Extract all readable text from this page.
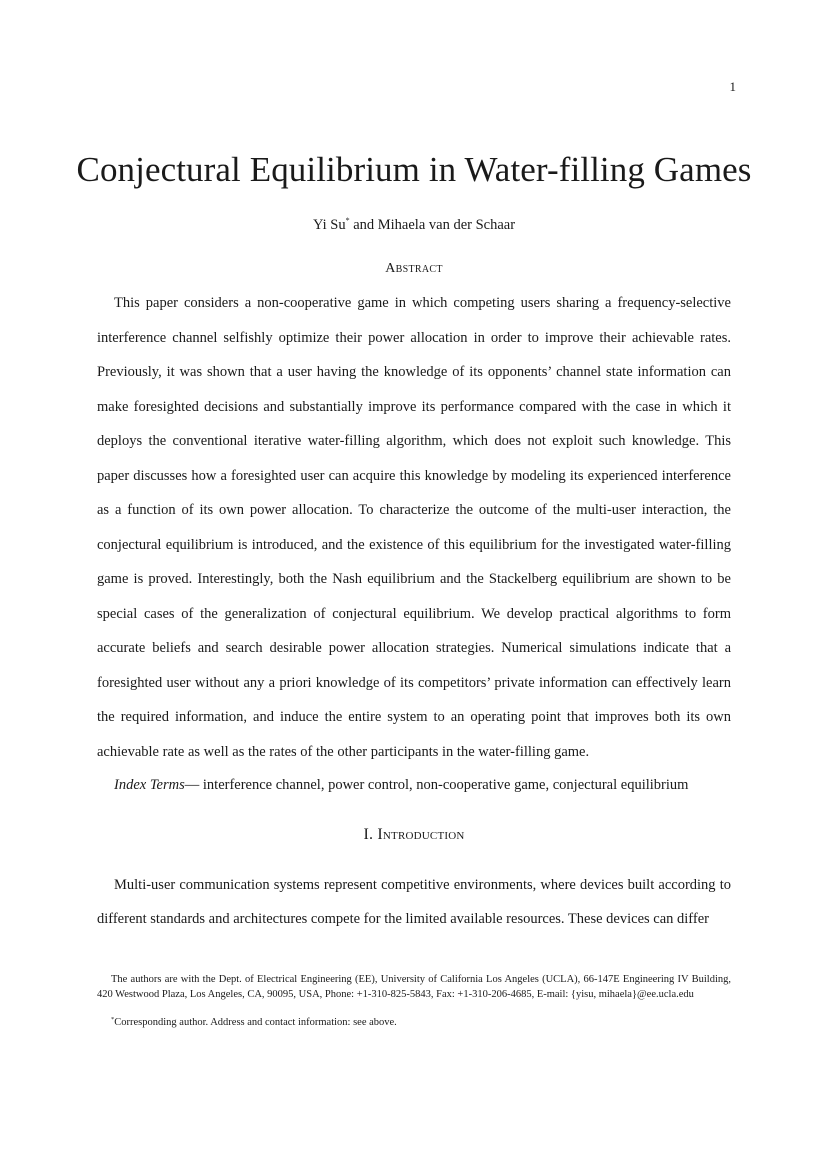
1
Conjectural Equilibrium in Water-filling Games
Yi Su* and Mihaela van der Schaar
Abstract

This paper considers a non-cooperative game in which competing users sharing a frequency-selective interference channel selfishly optimize their power allocation in order to improve their achievable rates. Previously, it was shown that a user having the knowledge of its opponents’ channel state information can make foresighted decisions and substantially improve its performance compared with the case in which it deploys the conventional iterative water-filling algorithm, which does not exploit such knowledge. This paper discusses how a foresighted user can acquire this knowledge by modeling its experienced interference as a function of its own power allocation. To characterize the outcome of the multi-user interaction, the conjectural equilibrium is introduced, and the existence of this equilibrium for the investigated water-filling game is proved. Interestingly, both the Nash equilibrium and the Stackelberg equilibrium are shown to be special cases of the generalization of conjectural equilibrium. We develop practical algorithms to form accurate beliefs and search desirable power allocation strategies. Numerical simulations indicate that a foresighted user without any a priori knowledge of its competitors’ private information can effectively learn the required information, and induce the entire system to an operating point that improves both its own achievable rate as well as the rates of the other participants in the water-filling game.

Index Terms— interference channel, power control, non-cooperative game, conjectural equilibrium

I. Introduction

Multi-user communication systems represent competitive environments, where devices built according to different standards and architectures compete for the limited available resources. These devices can differ

The authors are with the Dept. of Electrical Engineering (EE), University of California Los Angeles (UCLA), 66-147E Engineering IV Building, 420 Westwood Plaza, Los Angeles, CA, 90095, USA, Phone: +1-310-825-5843, Fax: +1-310-206-4685, E-mail: {yisu, mihaela}@ee.ucla.edu

*Corresponding author. Address and contact information: see above.
